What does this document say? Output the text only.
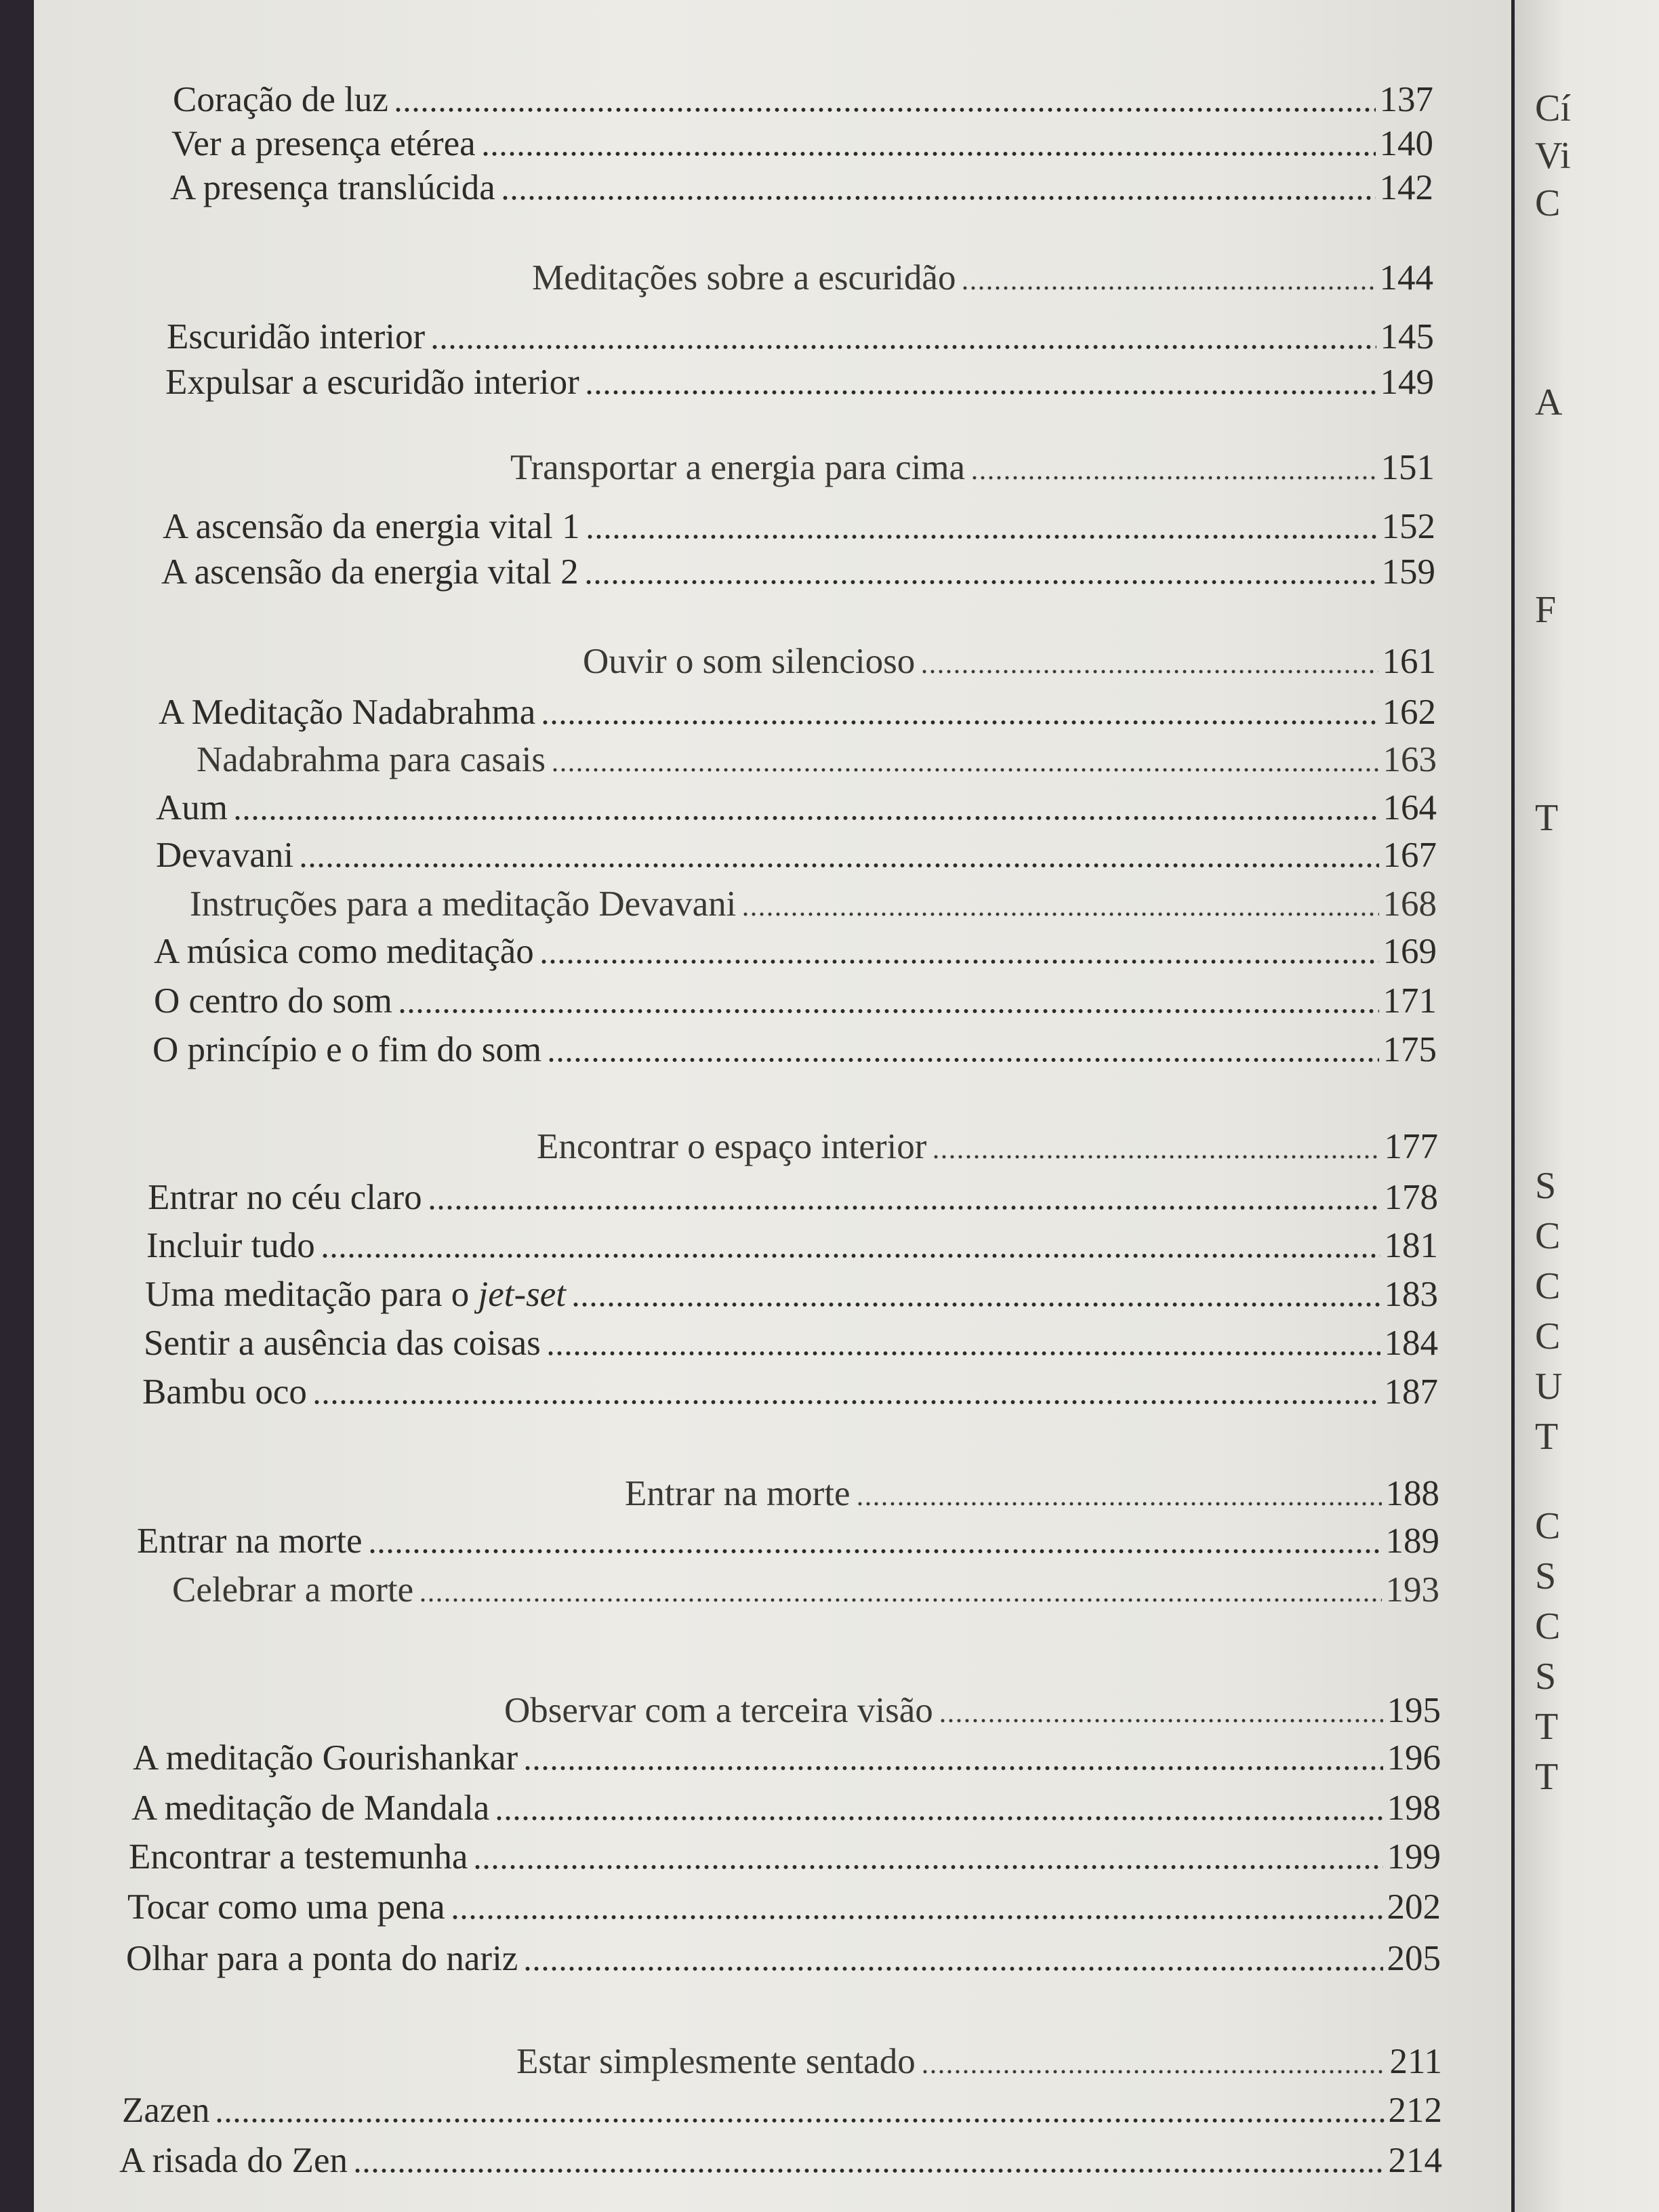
Coração de luz	137
Ver a presença etérea	140
A presença translúcida	142
Meditações sobre a escuridão	144
Escuridão interior	145
Expulsar a escuridão interior	149
Transportar a energia para cima	151
A ascensão da energia vital 1	152
A ascensão da energia vital 2	159
Ouvir o som silencioso	161
A Meditação Nadabrahma	162
Nadabrahma para casais	163
Aum	164
Devavani	167
Instruções para a meditação Devavani	168
A música como meditação	169
O centro do som	171
O princípio e o fim do som	175
Encontrar o espaço interior	177
Entrar no céu claro	178
Incluir tudo	181
Uma meditação para o jet-set	183
Sentir a ausência das coisas	184
Bambu oco	187
Entrar na morte	188
Entrar na morte	189
Celebrar a morte	193
Observar com a terceira visão	195
A meditação Gourishankar	196
A meditação de Mandala	198
Encontrar a testemunha	199
Tocar como uma pena	202
Olhar para a ponta do nariz	205
Estar simplesmente sentado	211
Zazen	212
A risada do Zen	214
Cí
Vi
C
A
F
T
S
C
C
C
U
T
C
S
C
S
T
T
